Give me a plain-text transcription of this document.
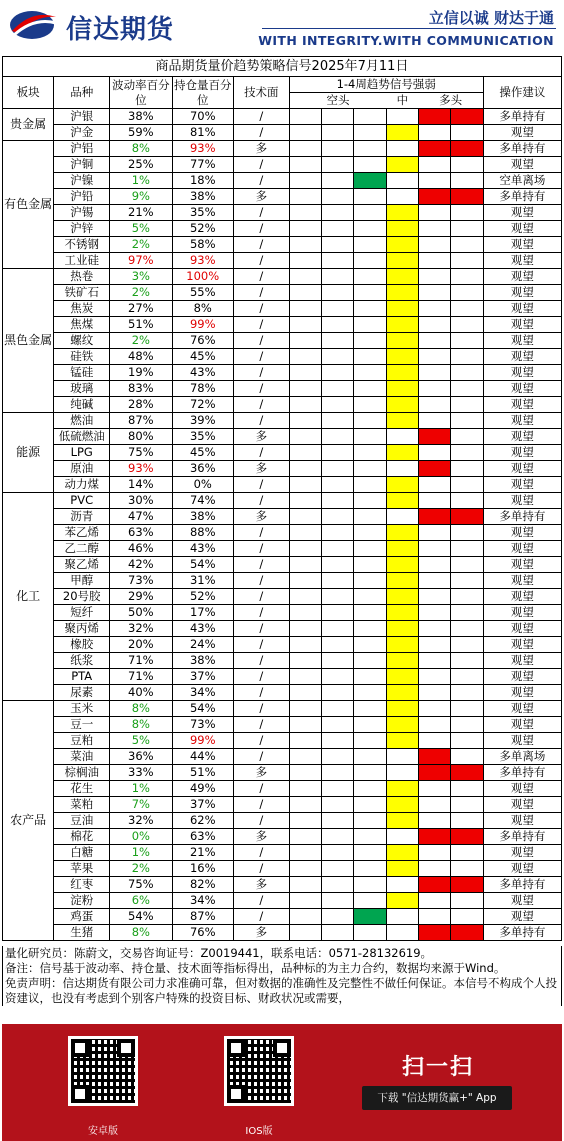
信达期货	立信以诚 财达于通
WITH INTEGRITY.WITH COMMUNICATION
商品期货量价趋势策略信号2025年7月11日											
板块	品种	波动率百分位	持仓量百分位	技术面	1-4周趋势信号强弱						操作建议
					空头			中	多头		
贵金属	沪银	38%	70%	/							多单持有
	沪金	59%	81%	/							观望
有色金属	沪铝	8%	93%	多							多单持有
	沪铜	25%	77%	/							观望
	沪镍	1%	18%	/							空单离场
	沪铅	9%	38%	多							多单持有
	沪锡	21%	35%	/							观望
	沪锌	5%	52%	/							观望
	不锈钢	2%	58%	/							观望
	工业硅	97%	93%	/							观望
黑色金属	热卷	3%	100%	/							观望
	铁矿石	2%	55%	/							观望
	焦炭	27%	8%	/							观望
	焦煤	51%	99%	/							观望
	螺纹	2%	76%	/							观望
	硅铁	48%	45%	/							观望
	锰硅	19%	43%	/							观望
	玻璃	83%	78%	/							观望
	纯碱	28%	72%	/							观望
能源	燃油	87%	39%	/							观望
	低硫燃油	80%	35%	多							观望
	LPG	75%	45%	/							观望
	原油	93%	36%	多							观望
	动力煤	14%	0%	/							观望
化工	PVC	30%	74%	/							观望
	沥青	47%	38%	多							多单持有
	苯乙烯	63%	88%	/							观望
	乙二醇	46%	43%	/							观望
	聚乙烯	42%	54%	/							观望
	甲醇	73%	31%	/							观望
	20号胶	29%	52%	/							观望
	短纤	50%	17%	/							观望
	聚丙烯	32%	43%	/							观望
	橡胶	20%	24%	/							观望
	纸浆	71%	38%	/							观望
	PTA	71%	37%	/							观望
	尿素	40%	34%	/							观望
农产品	玉米	8%	54%	/							观望
	豆一	8%	73%	/							观望
	豆粕	5%	99%	/							观望
	菜油	36%	44%	/							多单离场
	棕榈油	33%	51%	多							多单持有
	花生	1%	49%	/							观望
	菜粕	7%	37%	/							观望
	豆油	32%	62%	/							观望
	棉花	0%	63%	多							多单持有
	白糖	1%	21%	/							观望
	苹果	2%	16%	/							观望
	红枣	75%	82%	多							多单持有
	淀粉	6%	34%	/							观望
	鸡蛋	54%	87%	/							观望
	生猪	8%	76%	多							多单持有

量化研究员：陈蔚文，交易咨询证号：Z0019441，联系电话：0571-28132619。

备注：信号基于波动率、持仓量、技术面等指标得出，品种标的为主力合约，数据均来源于Wind。

免责声明：信达期货有限公司力求准确可靠，但对数据的准确性及完整性不做任何保证。本信号不构成个人投资建议，也没有考虑到个别客户特殊的投资目标、财政状况或需要，

安卓版	IOS版
扫一扫
下载 "信达期货赢+" App
